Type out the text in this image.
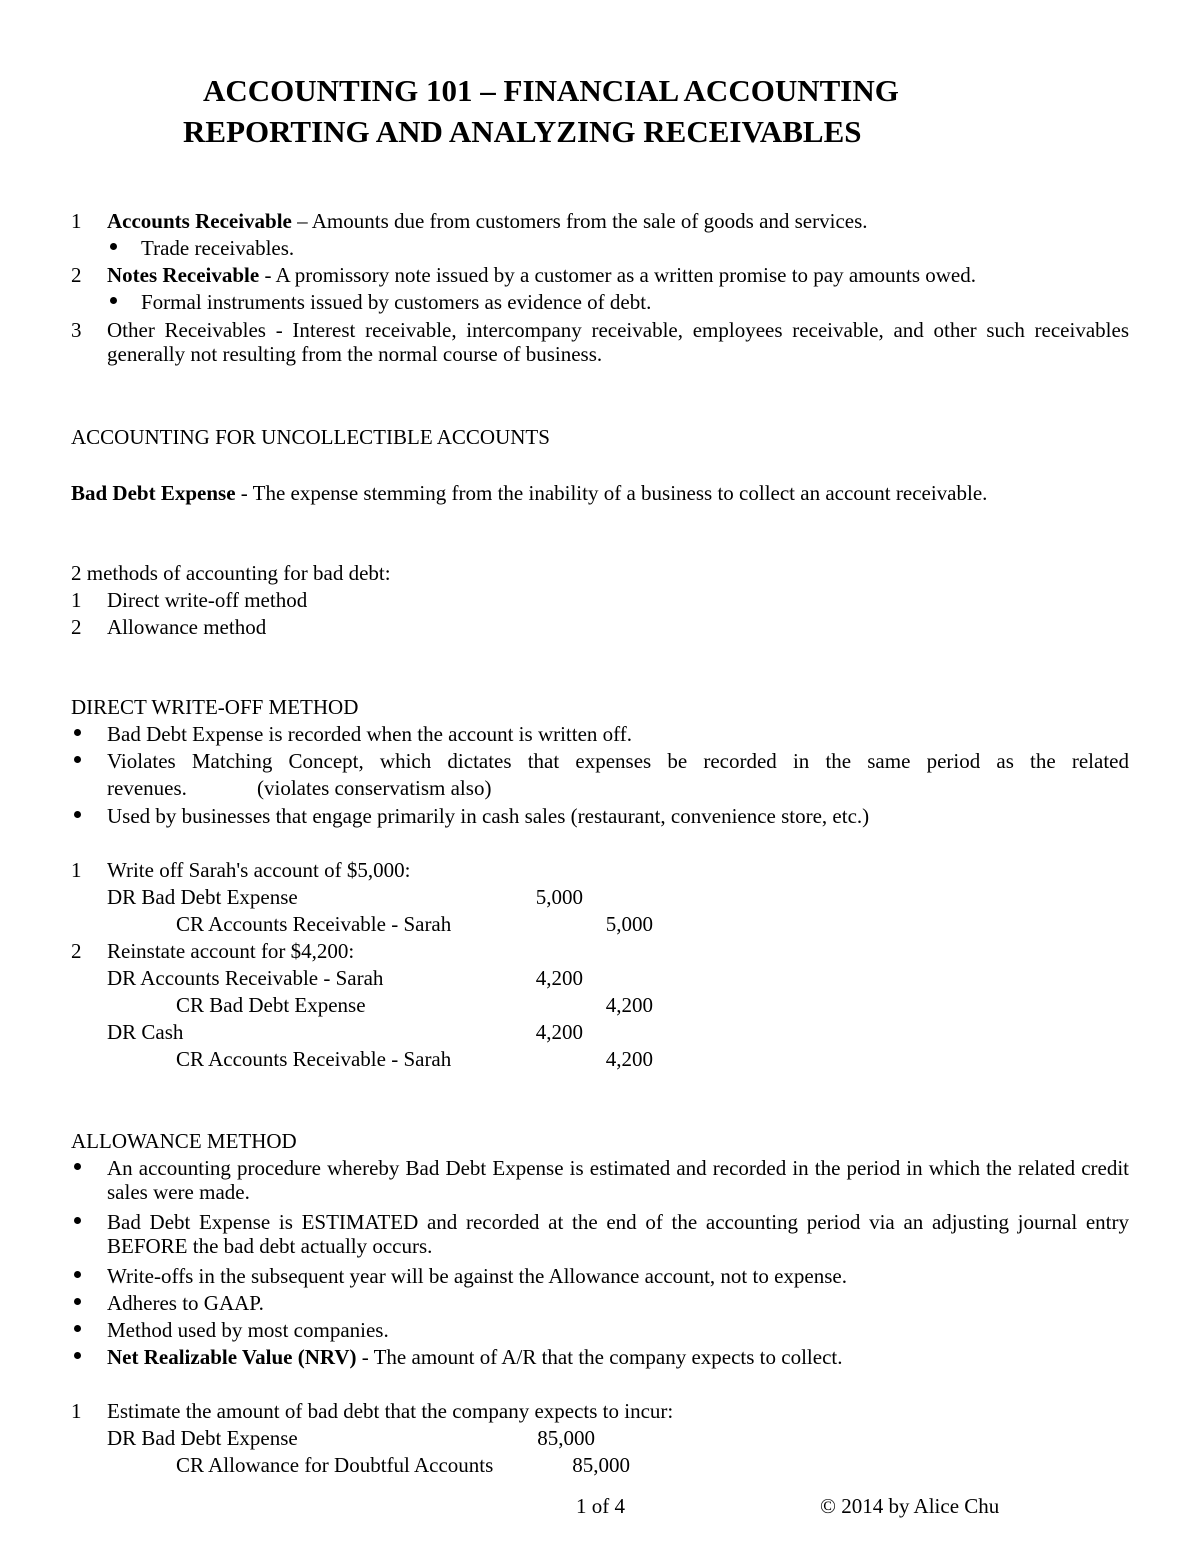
ACCOUNTING 101 – FINANCIAL ACCOUNTING
REPORTING AND ANALYZING RECEIVABLES
1 Accounts Receivable – Amounts due from customers from the sale of goods and services.
Trade receivables.
2 Notes Receivable - A promissory note issued by a customer as a written promise to pay amounts owed.
Formal instruments issued by customers as evidence of debt.
3 Other Receivables - Interest receivable, intercompany receivable, employees receivable, and other such receivables generally not resulting from the normal course of business.
ACCOUNTING FOR UNCOLLECTIBLE ACCOUNTS
Bad Debt Expense - The expense stemming from the inability of a business to collect an account receivable.
2 methods of accounting for bad debt:
1 Direct write-off method
2 Allowance method
DIRECT WRITE-OFF METHOD
Bad Debt Expense is recorded when the account is written off.
Violates Matching Concept, which dictates that expenses be recorded in the same period as the related
revenues.	(violates conservatism also)
Used by businesses that engage primarily in cash sales (restaurant, convenience store, etc.)
1 Write off Sarah's account of $5,000:
DR Bad Debt Expense	5,000
CR Accounts Receivable - Sarah	5,000
2 Reinstate account for $4,200:
DR Accounts Receivable - Sarah	4,200
CR Bad Debt Expense	4,200
DR Cash	4,200
CR Accounts Receivable - Sarah	4,200
ALLOWANCE METHOD
An accounting procedure whereby Bad Debt Expense is estimated and recorded in the period in which the related credit sales were made.
Bad Debt Expense is ESTIMATED and recorded at the end of the accounting period via an adjusting journal entry BEFORE the bad debt actually occurs.
Write-offs in the subsequent year will be against the Allowance account, not to expense.
Adheres to GAAP.
Method used by most companies.
Net Realizable Value (NRV) - The amount of A/R that the company expects to collect.
1 Estimate the amount of bad debt that the company expects to incur:
DR Bad Debt Expense	85,000
CR Allowance for Doubtful Accounts	85,000
1 of 4	© 2014 by Alice Chu
